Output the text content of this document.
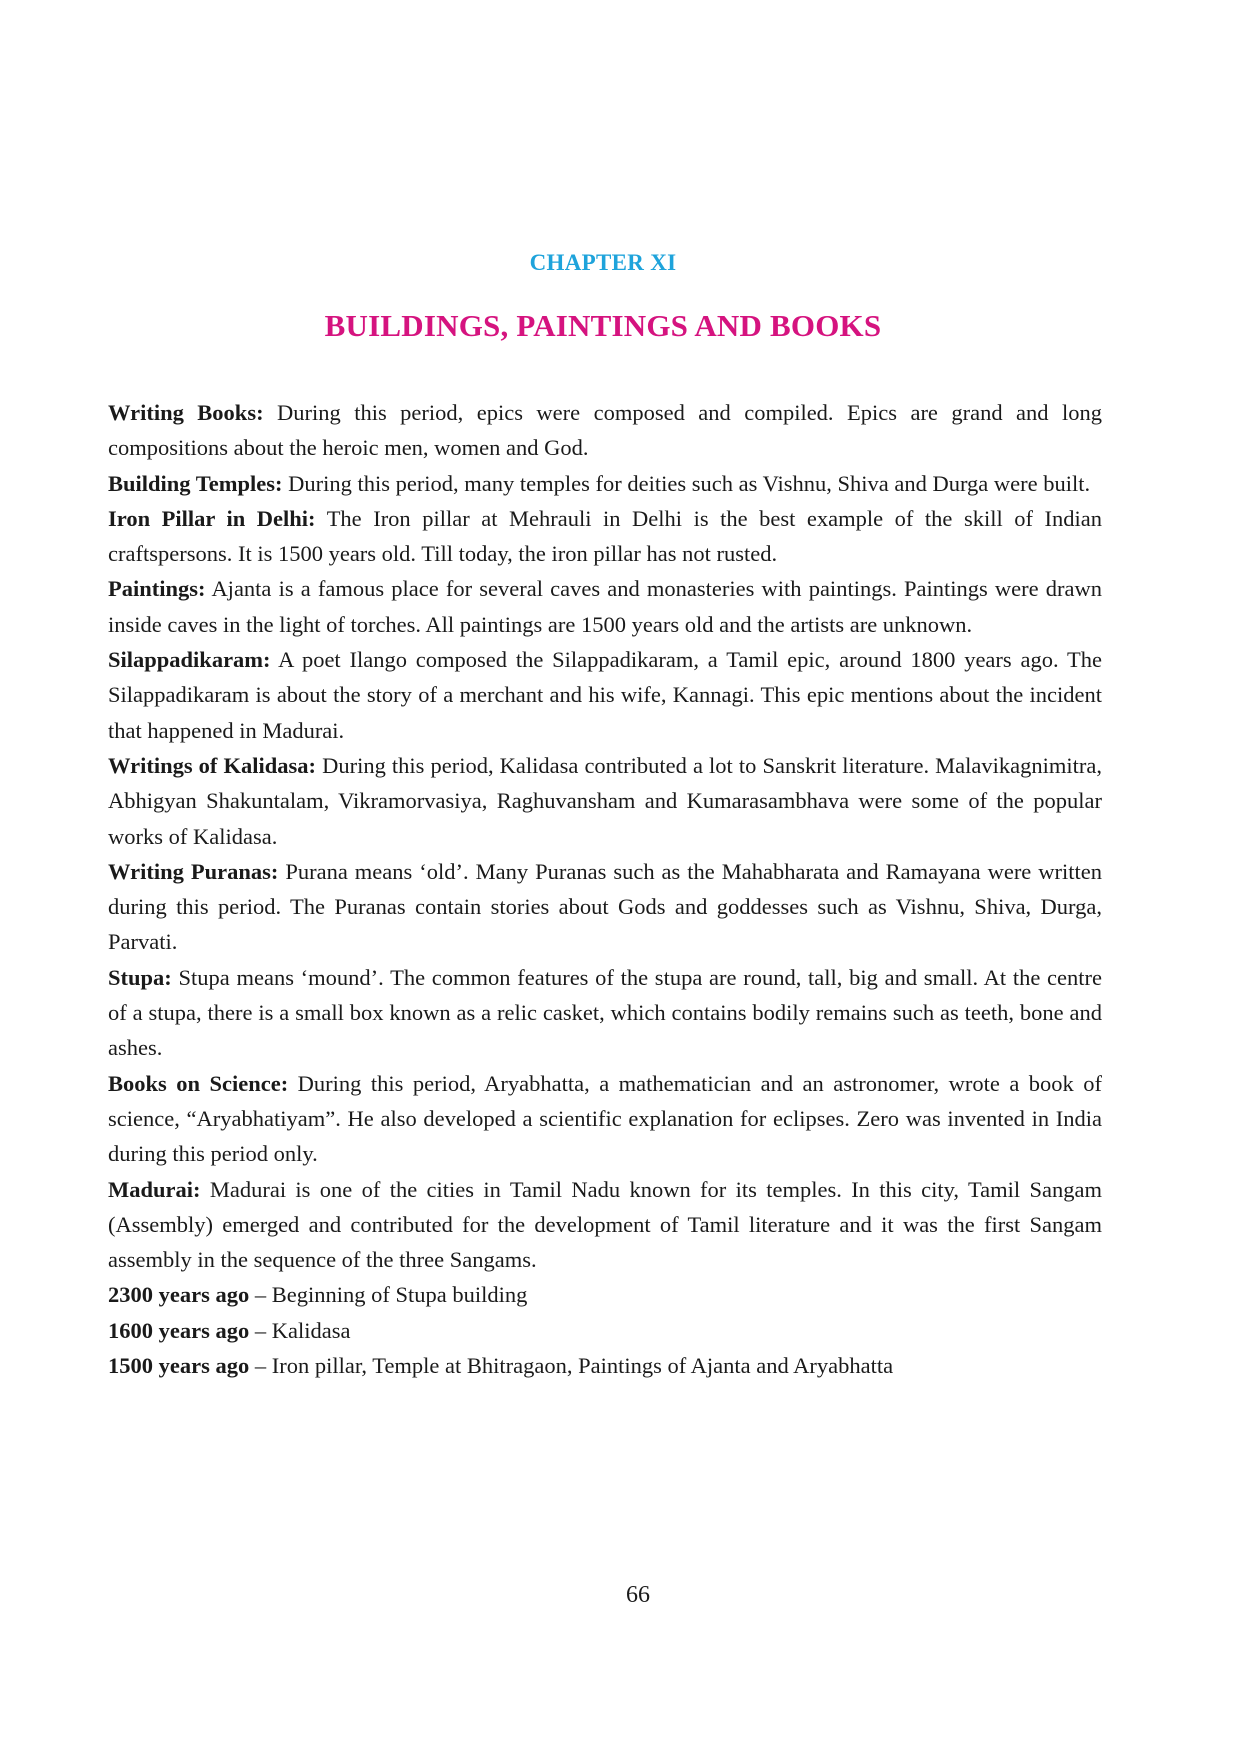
CHAPTER XI
BUILDINGS, PAINTINGS AND BOOKS

Writing Books: During this period, epics were composed and compiled. Epics are grand and long compositions about the heroic men, women and God.

Building Temples: During this period, many temples for deities such as Vishnu, Shiva and Durga were built.

Iron Pillar in Delhi: The Iron pillar at Mehrauli in Delhi is the best example of the skill of Indian craftspersons. It is 1500 years old. Till today, the iron pillar has not rusted.

Paintings: Ajanta is a famous place for several caves and monasteries with paintings. Paintings were drawn inside caves in the light of torches. All paintings are 1500 years old and the artists are unknown.

Silappadikaram: A poet Ilango composed the Silappadikaram, a Tamil epic, around 1800 years ago. The Silappadikaram is about the story of a merchant and his wife, Kannagi. This epic mentions about the incident that happened in Madurai.

Writings of Kalidasa: During this period, Kalidasa contributed a lot to Sanskrit literature. Malavikagnimitra, Abhigyan Shakuntalam, Vikramorvasiya, Raghuvansham and Kumarasambhava were some of the popular works of Kalidasa.

Writing Puranas: Purana means ‘old’. Many Puranas such as the Mahabharata and Ramayana were written during this period. The Puranas contain stories about Gods and goddesses such as Vishnu, Shiva, Durga, Parvati.

Stupa: Stupa means ‘mound’. The common features of the stupa are round, tall, big and small. At the centre of a stupa, there is a small box known as a relic casket, which contains bodily remains such as teeth, bone and ashes.

Books on Science: During this period, Aryabhatta, a mathematician and an astronomer, wrote a book of science, “Aryabhatiyam”. He also developed a scientific explanation for eclipses. Zero was invented in India during this period only.

Madurai: Madurai is one of the cities in Tamil Nadu known for its temples. In this city, Tamil Sangam (Assembly) emerged and contributed for the development of Tamil literature and it was the first Sangam assembly in the sequence of the three Sangams.

2300 years ago – Beginning of Stupa building

1600 years ago – Kalidasa

1500 years ago – Iron pillar, Temple at Bhitragaon, Paintings of Ajanta and Aryabhatta

66
